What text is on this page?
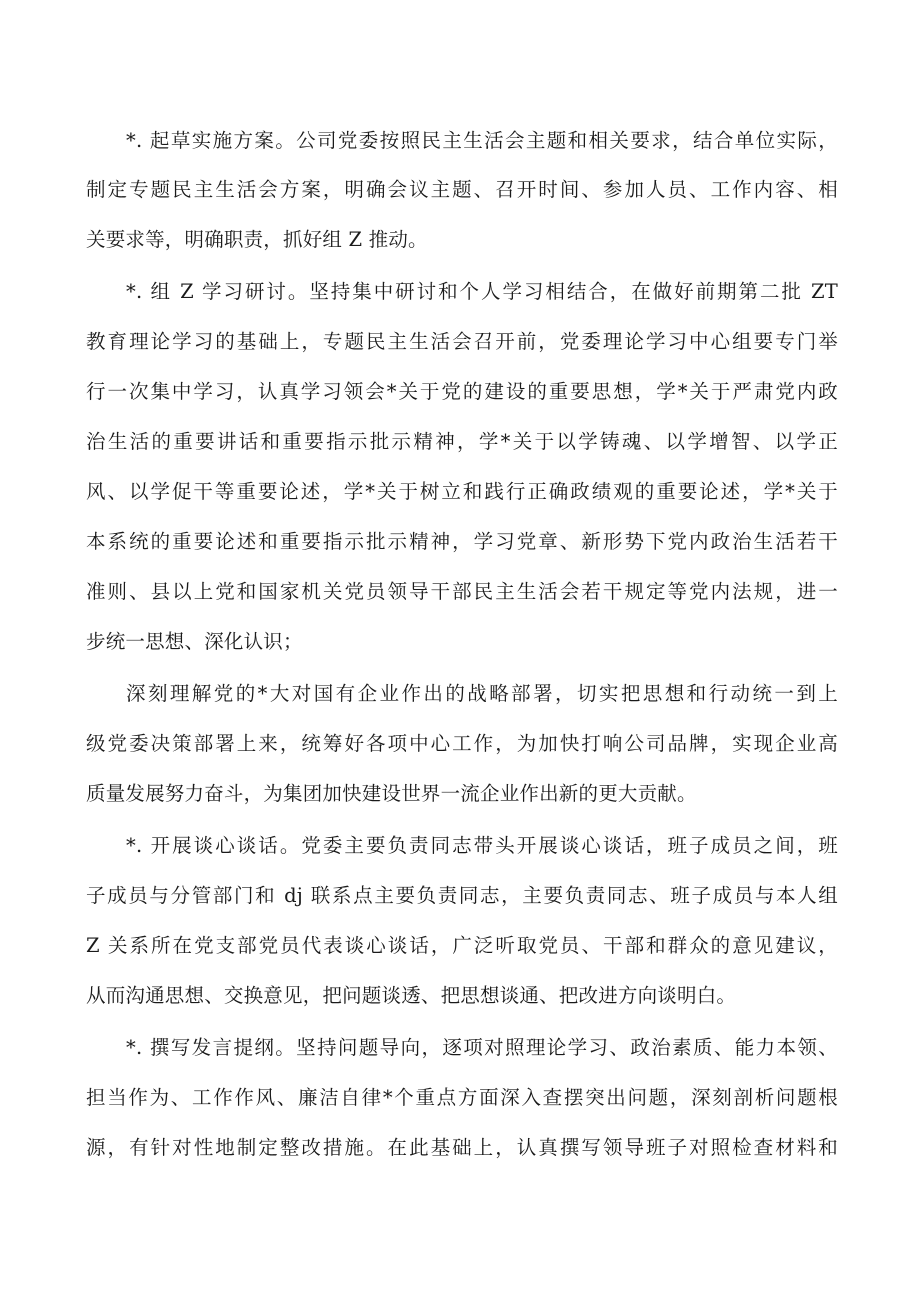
*. 起草实施方案。公司党委按照民主生活会主题和相关要求，结合单位实际，

制定专题民主生活会方案，明确会议主题、召开时间、参加人员、工作内容、相

关要求等，明确职责，抓好组 Z 推动。

*. 组 Z 学习研讨。坚持集中研讨和个人学习相结合，在做好前期第二批 ZT

教育理论学习的基础上，专题民主生活会召开前，党委理论学习中心组要专门举

行一次集中学习，认真学习领会*关于党的建设的重要思想，学*关于严肃党内政

治生活的重要讲话和重要指示批示精神，学*关于以学铸魂、以学增智、以学正

风、以学促干等重要论述，学*关于树立和践行正确政绩观的重要论述，学*关于

本系统的重要论述和重要指示批示精神，学习党章、新形势下党内政治生活若干

准则、县以上党和国家机关党员领导干部民主生活会若干规定等党内法规，进一

步统一思想、深化认识；

深刻理解党的*大对国有企业作出的战略部署，切实把思想和行动统一到上

级党委决策部署上来，统筹好各项中心工作，为加快打响公司品牌，实现企业高

质量发展努力奋斗，为集团加快建设世界一流企业作出新的更大贡献。

*. 开展谈心谈话。党委主要负责同志带头开展谈心谈话，班子成员之间，班

子成员与分管部门和 dj 联系点主要负责同志，主要负责同志、班子成员与本人组

Z 关系所在党支部党员代表谈心谈话，广泛听取党员、干部和群众的意见建议，

从而沟通思想、交换意见，把问题谈透、把思想谈通、把改进方向谈明白。

*. 撰写发言提纲。坚持问题导向，逐项对照理论学习、政治素质、能力本领、

担当作为、工作作风、廉洁自律*个重点方面深入查摆突出问题，深刻剖析问题根

源，有针对性地制定整改措施。在此基础上，认真撰写领导班子对照检查材料和
